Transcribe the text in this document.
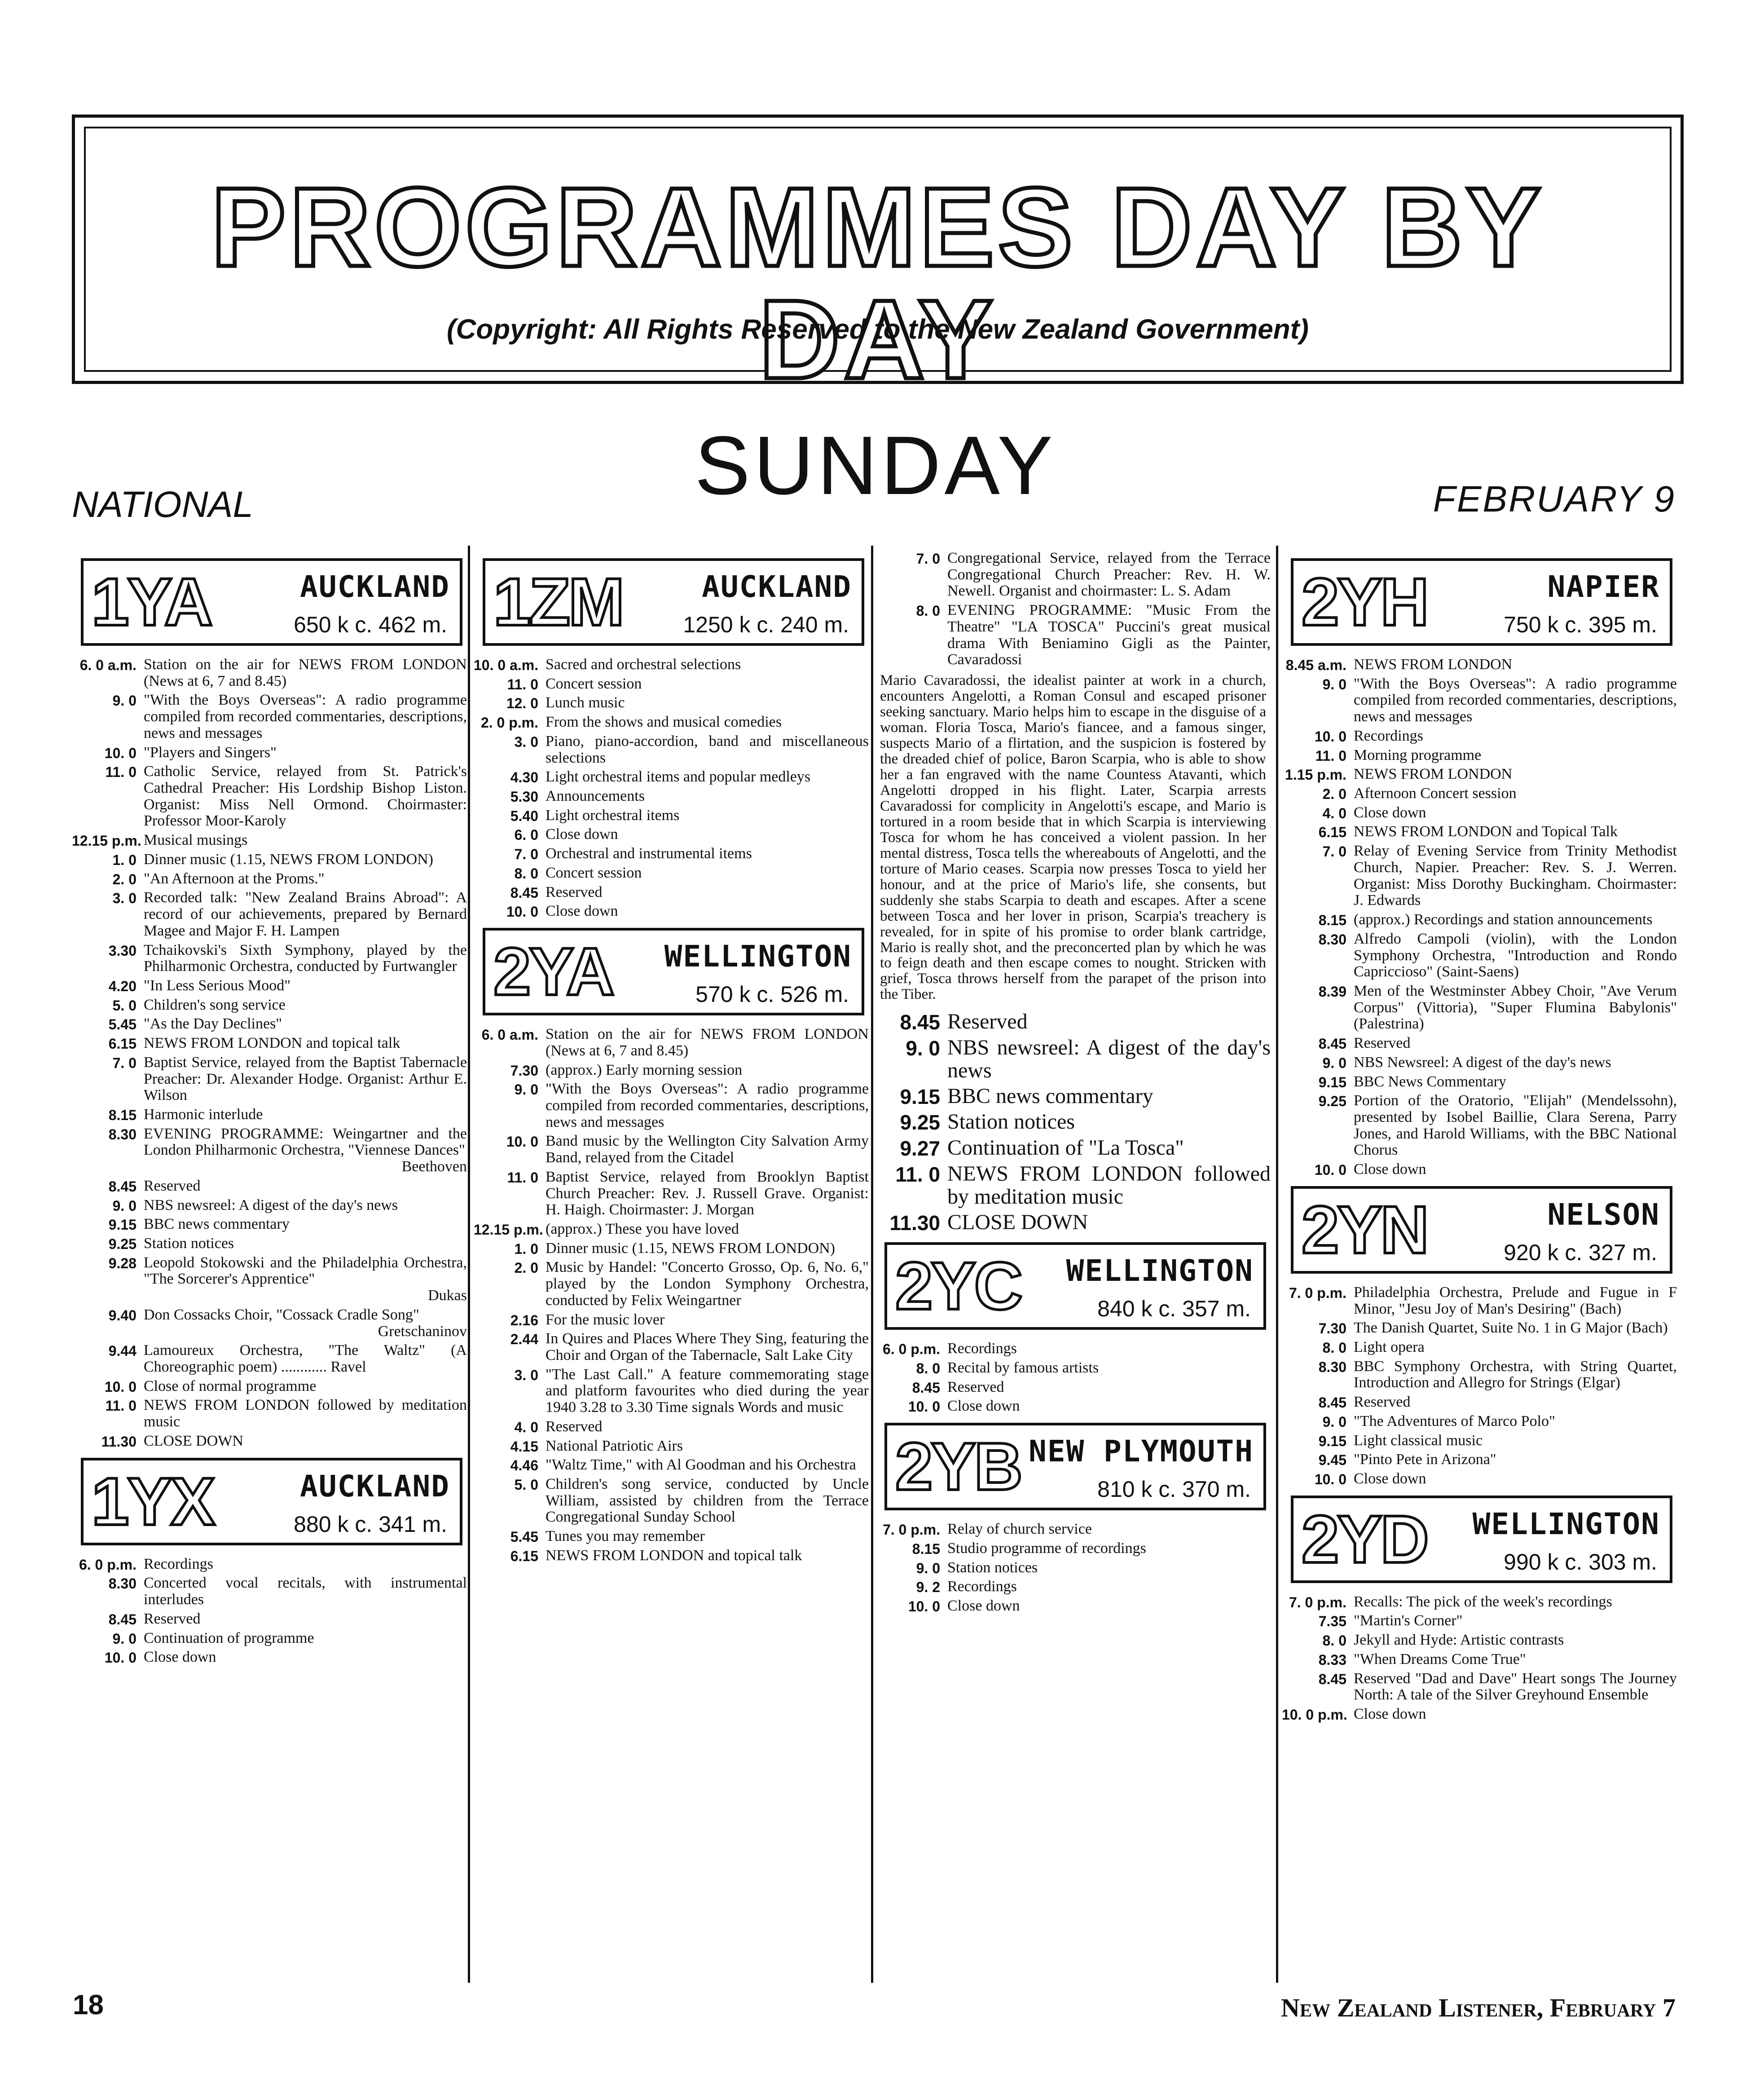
PROGRAMMES DAY BY DAY
(Copyright: All Rights Reserved to the New Zealand Government)
SUNDAY
NATIONAL	FEBRUARY 9
1YA	AUCKLAND
650 k c. 462 m.
6. 0 a.m. Station on the air for NEWS FROM LONDON (News at 6, 7 and 8.45)
9. 0 "With the Boys Overseas": A radio programme compiled from recorded commentaries, descriptions, news and messages
10. 0 "Players and Singers"
11. 0 Catholic Service, relayed from St. Patrick's Cathedral Preacher: His Lordship Bishop Liston. Organist: Miss Nell Ormond. Choirmaster: Professor Moor-Karoly
12.15 p.m. Musical musings
1. 0 Dinner music (1.15, NEWS FROM LONDON)
2. 0 "An Afternoon at the Proms."
3. 0 Recorded talk: "New Zealand Brains Abroad": A record of our achievements, prepared by Bernard Magee and Major F. H. Lampen
3.30 Tchaikovski's Sixth Symphony, played by the Philharmonic Orchestra, conducted by Furtwangler
4.20 "In Less Serious Mood"
5. 0 Children's song service
5.45 "As the Day Declines"
6.15 NEWS FROM LONDON and topical talk
7. 0 Baptist Service, relayed from the Baptist Tabernacle Preacher: Dr. Alexander Hodge. Organist: Arthur E. Wilson
8.15 Harmonic interlude
8.30 EVENING PROGRAMME: Weingartner and the London Philharmonic Orchestra, "Viennese Dances"
Beethoven
8.45 Reserved
9. 0 NBS newsreel: A digest of the day's news
9.15 BBC news commentary
9.25 Station notices
9.28 Leopold Stokowski and the Philadelphia Orchestra, "The Sorcerer's Apprentice"
Dukas
9.40 Don Cossacks Choir, "Cossack Cradle Song"
Gretschaninov
9.44 Lamoureux Orchestra, "The Waltz" (A Choreographic poem) ............ Ravel
10. 0 Close of normal programme
11. 0 NEWS FROM LONDON followed by meditation music
11.30 CLOSE DOWN
1YX	AUCKLAND
880 k c. 341 m.
6. 0 p.m. Recordings
8.30 Concerted vocal recitals, with instrumental interludes
8.45 Reserved
9. 0 Continuation of programme
10. 0 Close down
1ZM	AUCKLAND
1250 k c. 240 m.
10. 0 a.m. Sacred and orchestral selections
11. 0 Concert session
12. 0 Lunch music
2. 0 p.m. From the shows and musical comedies
3. 0 Piano, piano-accordion, band and miscellaneous selections
4.30 Light orchestral items and popular medleys
5.30 Announcements
5.40 Light orchestral items
6. 0 Close down
7. 0 Orchestral and instrumental items
8. 0 Concert session
8.45 Reserved
10. 0 Close down
2YA WELLINGTON
570 k c. 526 m.
6. 0 a.m. Station on the air for NEWS FROM LONDON (News at 6, 7 and 8.45)
7.30 (approx.) Early morning session
9. 0 "With the Boys Overseas": A radio programme compiled from recorded commentaries, descriptions, news and messages
10. 0 Band music by the Wellington City Salvation Army Band, relayed from the Citadel
11. 0 Baptist Service, relayed from Brooklyn Baptist Church Preacher: Rev. J. Russell Grave. Organist: H. Haigh. Choirmaster: J. Morgan
12.15 p.m. (approx.) These you have loved
1. 0 Dinner music (1.15, NEWS FROM LONDON)
2. 0 Music by Handel: "Concerto Grosso, Op. 6, No. 6," played by the London Symphony Orchestra, conducted by Felix Weingartner
2.16 For the music lover
2.44 In Quires and Places Where They Sing, featuring the Choir and Organ of the Tabernacle, Salt Lake City
3. 0 "The Last Call." A feature commemorating stage and platform favourites who died during the year 1940 3.28 to 3.30 Time signals Words and music
4. 0 Reserved
4.15 National Patriotic Airs
4.46 "Waltz Time," with Al Goodman and his Orchestra
5. 0 Children's song service, conducted by Uncle William, assisted by children from the Terrace Congregational Sunday School
5.45 Tunes you may remember
6.15 NEWS FROM LONDON and topical talk
7. 0 Congregational Service, relayed from the Terrace Congregational Church Preacher: Rev. H. W. Newell. Organist and choirmaster: L. S. Adam
8. 0 EVENING PROGRAMME: "Music From the Theatre" "LA TOSCA" Puccini's great musical drama With Beniamino Gigli as the Painter, Cavaradossi
Mario Cavaradossi, the idealist painter at work in a church, encounters Angelotti, a Roman Consul and escaped prisoner seeking sanctuary. Mario helps him to escape in the disguise of a woman. Floria Tosca, Mario's fiancee, and a famous singer, suspects Mario of a flirtation, and the suspicion is fostered by the dreaded chief of police, Baron Scarpia, who is able to show her a fan engraved with the name Countess Atavanti, which Angelotti dropped in his flight. Later, Scarpia arrests Cavaradossi for complicity in Angelotti's escape, and Mario is tortured in a room beside that in which Scarpia is interviewing Tosca for whom he has conceived a violent passion. In her mental distress, Tosca tells the whereabouts of Angelotti, and the torture of Mario ceases. Scarpia now presses Tosca to yield her honour, and at the price of Mario's life, she consents, but suddenly she stabs Scarpia to death and escapes. After a scene between Tosca and her lover in prison, Scarpia's treachery is revealed, for in spite of his promise to order blank cartridge, Mario is really shot, and the preconcerted plan by which he was to feign death and then escape comes to nought. Stricken with grief, Tosca throws herself from the parapet of the prison into the Tiber.
8.45 Reserved
9. 0 NBS newsreel: A digest of the day's news
9.15 BBC news commentary
9.25 Station notices
9.27 Continuation of "La Tosca"
11. 0 NEWS FROM LONDON followed by meditation music
11.30 CLOSE DOWN
2YC WELLINGTON
840 k c. 357 m.
6. 0 p.m. Recordings
8. 0 Recital by famous artists
8.45 Reserved
10. 0 Close down
2YB NEW PLYMOUTH
810 k c. 370 m.
7. 0 p.m. Relay of church service
8.15 Studio programme of recordings
9. 0 Station notices
9. 2 Recordings
10. 0 Close down
2YH	NAPIER
750 k c. 395 m.
8.45 a.m. NEWS FROM LONDON
9. 0 "With the Boys Overseas": A radio programme compiled from recorded commentaries, descriptions, news and messages
10. 0 Recordings
11. 0 Morning programme
1.15 p.m. NEWS FROM LONDON
2. 0 Afternoon Concert session
4. 0 Close down
6.15 NEWS FROM LONDON and Topical Talk
7. 0 Relay of Evening Service from Trinity Methodist Church, Napier. Preacher: Rev. S. J. Werren. Organist: Miss Dorothy Buckingham. Choirmaster: J. Edwards
8.15 (approx.) Recordings and station announcements
8.30 Alfredo Campoli (violin), with the London Symphony Orchestra, "Introduction and Rondo Capriccioso" (Saint-Saens)
8.39 Men of the Westminster Abbey Choir, "Ave Verum Corpus" (Vittoria), "Super Flumina Babylonis" (Palestrina)
8.45 Reserved
9. 0 NBS Newsreel: A digest of the day's news
9.15 BBC News Commentary
9.25 Portion of the Oratorio, "Elijah" (Mendelssohn), presented by Isobel Baillie, Clara Serena, Parry Jones, and Harold Williams, with the BBC National Chorus
10. 0 Close down
2YN	NELSON
920 k c. 327 m.
7. 0 p.m. Philadelphia Orchestra, Prelude and Fugue in F Minor, "Jesu Joy of Man's Desiring" (Bach)
7.30 The Danish Quartet, Suite No. 1 in G Major (Bach)
8. 0 Light opera
8.30 BBC Symphony Orchestra, with String Quartet, Introduction and Allegro for Strings (Elgar)
8.45 Reserved
9. 0 "The Adventures of Marco Polo"
9.15 Light classical music
9.45 "Pinto Pete in Arizona"
10. 0 Close down
2YD WELLINGTON
990 k c. 303 m.
7. 0 p.m. Recalls: The pick of the week's recordings
7.35 "Martin's Corner"
8. 0 Jekyll and Hyde: Artistic contrasts
8.33 "When Dreams Come True"
8.45 Reserved "Dad and Dave" Heart songs The Journey North: A tale of the Silver Greyhound Ensemble
10. 0 p.m. Close down
18	New Zealand Listener, February 7
